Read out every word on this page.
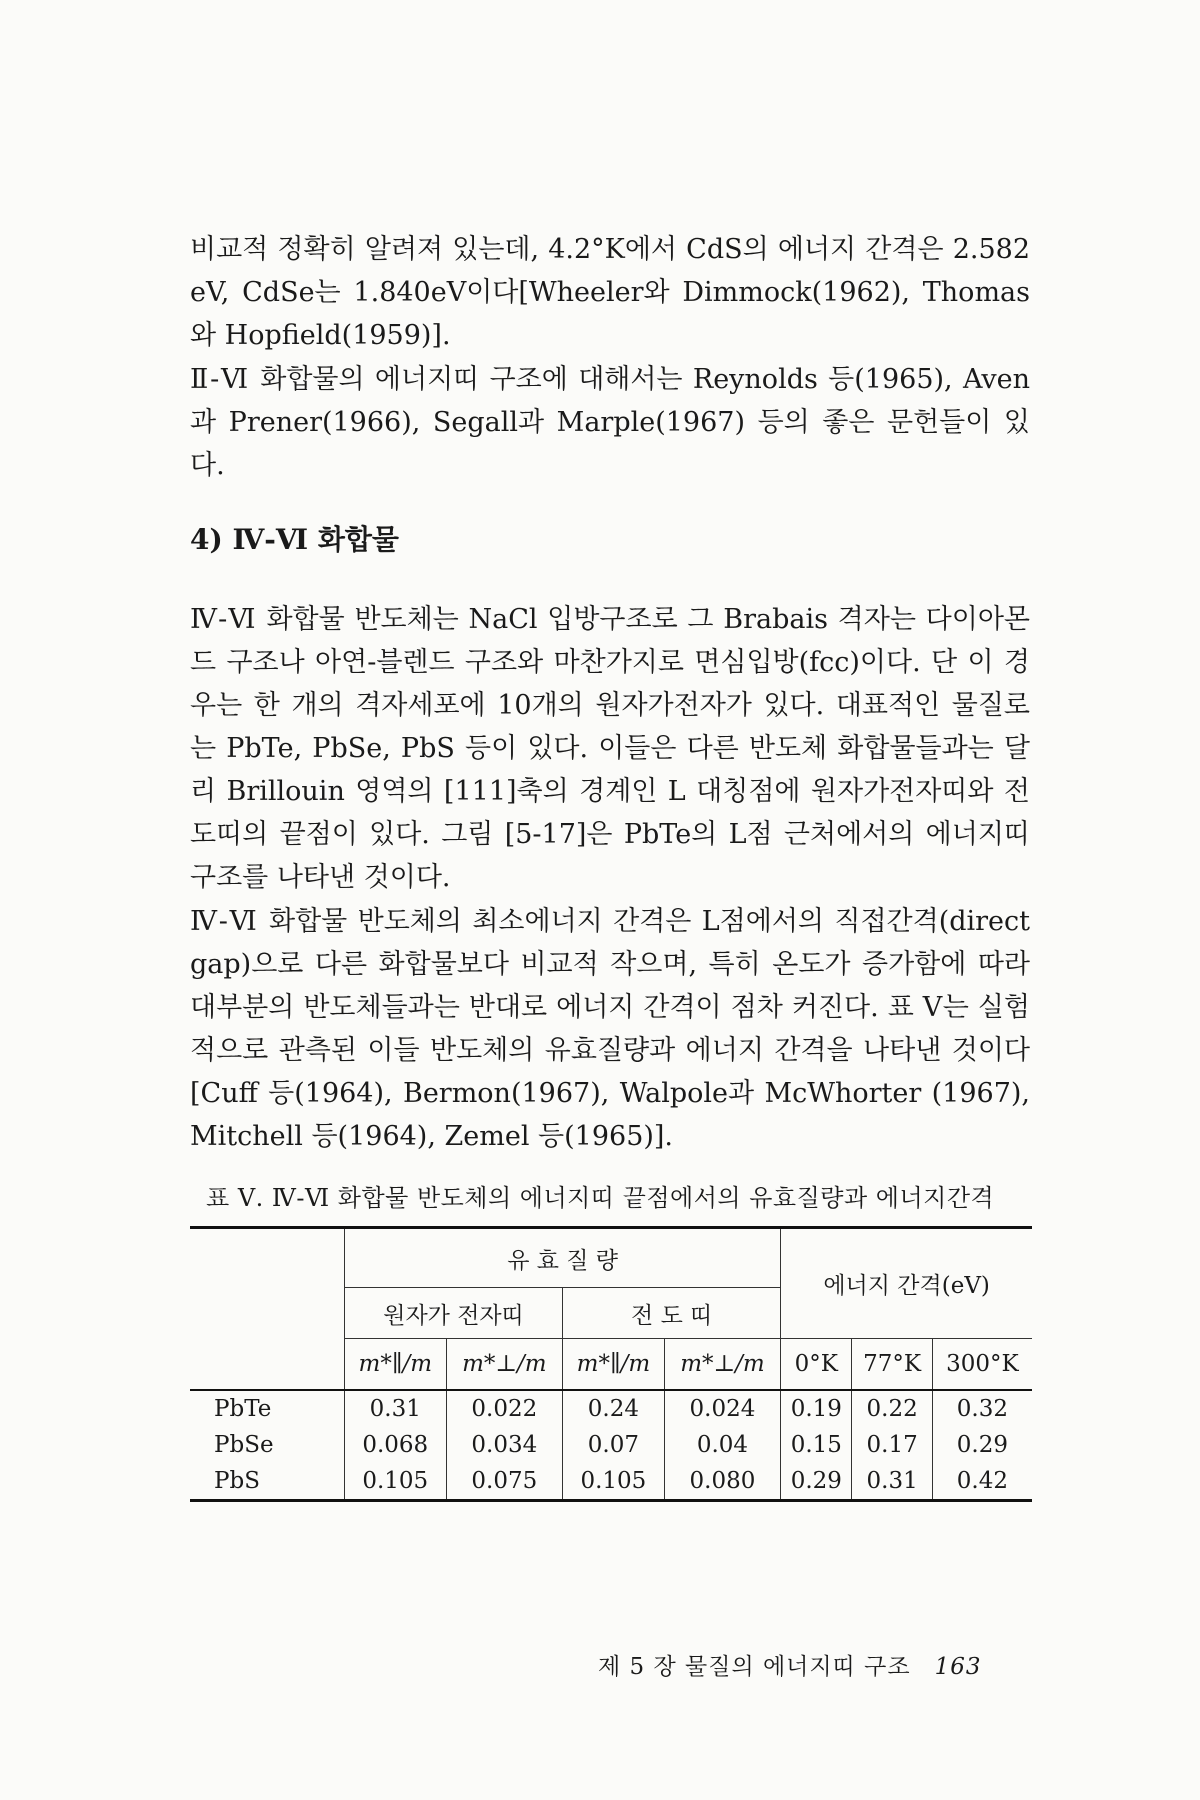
비교적 정확히 알려져 있는데, 4.2°K에서 CdS의 에너지 간격은 2.582 eV, CdSe는 1.840eV이다[Wheeler와 Dimmock(1962), Thomas와 Hopfield(1959)].
Ⅱ-Ⅵ 화합물의 에너지띠 구조에 대해서는 Reynolds 등(1965), Aven과 Prener(1966), Segall과 Marple(1967) 등의 좋은 문헌들이 있다.
4) Ⅳ-Ⅵ 화합물
Ⅳ-Ⅵ 화합물 반도체는 NaCl 입방구조로 그 Brabais 격자는 다이아몬드 구조나 아연-블렌드 구조와 마찬가지로 면심입방(fcc)이다. 단 이 경우는 한 개의 격자세포에 10개의 원자가전자가 있다. 대표적인 물질로는 PbTe, PbSe, PbS 등이 있다. 이들은 다른 반도체 화합물들과는 달리 Brillouin 영역의 [111]축의 경계인 L 대칭점에 원자가전자띠와 전도띠의 끝점이 있다. 그림 [5-17]은 PbTe의 L점 근처에서의 에너지띠 구조를 나타낸 것이다.
Ⅳ-Ⅵ 화합물 반도체의 최소에너지 간격은 L점에서의 직접간격(direct gap)으로 다른 화합물보다 비교적 작으며, 특히 온도가 증가함에 따라 대부분의 반도체들과는 반대로 에너지 간격이 점차 커진다. 표 Ⅴ는 실험적으로 관측된 이들 반도체의 유효질량과 에너지 간격을 나타낸 것이다[Cuff 등(1964), Bermon(1967), Walpole과 McWhorter (1967), Mitchell 등(1964), Zemel 등(1965)].
표 Ⅴ. Ⅳ-Ⅵ 화합물 반도체의 에너지띠 끝점에서의 유효질량과 에너지간격
	유 효 질 량				에너지 간격(eV)		
	원자가 전자띠		전 도 띠				
	m*∥/m	m*⊥/m	m*∥/m	m*⊥/m	0°K	77°K	300°K
PbTe	0.31	0.022	0.24	0.024	0.19	0.22	0.32
PbSe	0.068	0.034	0.07	0.04	0.15	0.17	0.29
PbS	0.105	0.075	0.105	0.080	0.29	0.31	0.42
제 5 장 물질의 에너지띠 구조 163
